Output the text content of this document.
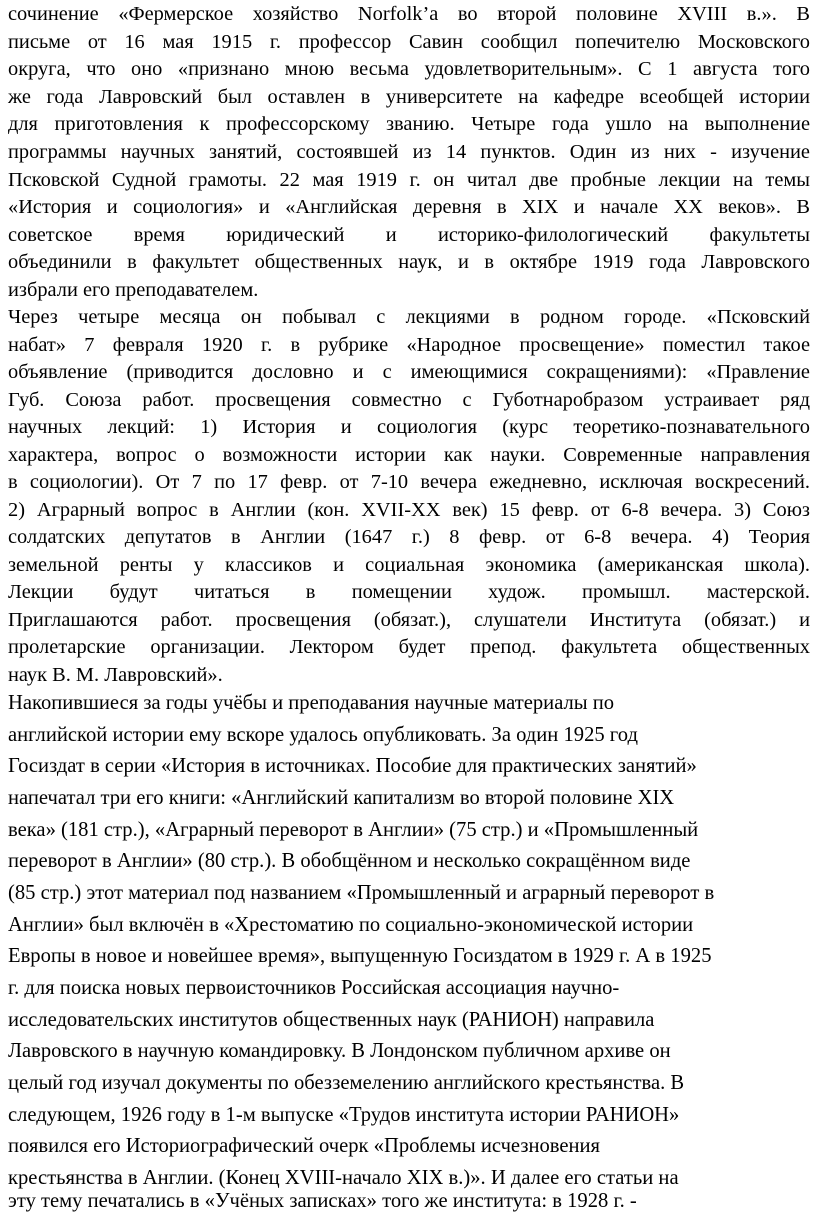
сочинение «Фермерское хозяйство Norfolk’а во второй половине XVIII в.». В
письме от 16 мая 1915 г. профессор Савин сообщил попечителю Московского
округа, что оно «признано мною весьма удовлетворительным». С 1 августа того
же года Лавровский был оставлен в университете на кафедре всеобщей истории
для приготовления к профессорскому званию. Четыре года ушло на выполнение
программы научных занятий, состоявшей из 14 пунктов. Один из них - изучение
Псковской Судной грамоты. 22 мая 1919 г. он читал две пробные лекции на темы
«История и социология» и «Английская деревня в XIX и начале XX веков». В
советское время юридический и историко-филологический факультеты
объединили в факультет общественных наук, и в октябре 1919 года Лавровского
избрали его преподавателем.
Через четыре месяца он побывал с лекциями в родном городе. «Псковский
набат» 7 февраля 1920 г. в рубрике «Народное просвещение» поместил такое
объявление (приводится дословно и с имеющимися сокращениями): «Правление
Губ. Союза работ. просвещения совместно с Губотнаробразом устраивает ряд
научных лекций: 1) История и социология (курс теоретико-познавательного
характера, вопрос о возможности истории как науки. Современные направления
в социологии). От 7 по 17 февр. от 7-10 вечера ежедневно, исключая воскресений.
2) Аграрный вопрос в Англии (кон. XVII-XX век) 15 февр. от 6-8 вечера. 3) Союз
солдатских депутатов в Англии (1647 г.) 8 февр. от 6-8 вечера. 4) Теория
земельной ренты у классиков и социальная экономика (американская школа).
Лекции будут читаться в помещении худож. промышл. мастерской.
Приглашаются работ. просвещения (обязат.), слушатели Института (обязат.) и
пролетарские организации. Лектором будет препод. факультета общественных
наук В. М. Лавровский».
Накопившиеся за годы учёбы и преподавания научные материалы по
английской истории ему вскоре удалось опубликовать. За один 1925 год
Госиздат в серии «История в источниках. Пособие для практических занятий»
напечатал три его книги: «Английский капитализм во второй половине XIX
века» (181 стр.), «Аграрный переворот в Англии» (75 стр.) и «Промышленный
переворот в Англии» (80 стр.). В обобщённом и несколько сокращённом виде
(85 стр.) этот материал под названием «Промышленный и аграрный переворот в
Англии» был включён в «Хрестоматию по социально-экономической истории
Европы в новое и новейшее время», выпущенную Госиздатом в 1929 г. А в 1925
г. для поиска новых первоисточников Российская ассоциация научно-
исследовательских институтов общественных наук (РАНИОН) направила
Лавровского в научную командировку. В Лондонском публичном архиве он
целый год изучал документы по обезземелению английского крестьянства. В
следующем, 1926 году в 1-м выпуске «Трудов института истории РАНИОН»
появился его Историографический очерк «Проблемы исчезновения
крестьянства в Англии. (Конец XVIII-начало XIX в.)». И далее его статьи на
эту тему печатались в «Учёных записках» того же института: в 1928 г. -
